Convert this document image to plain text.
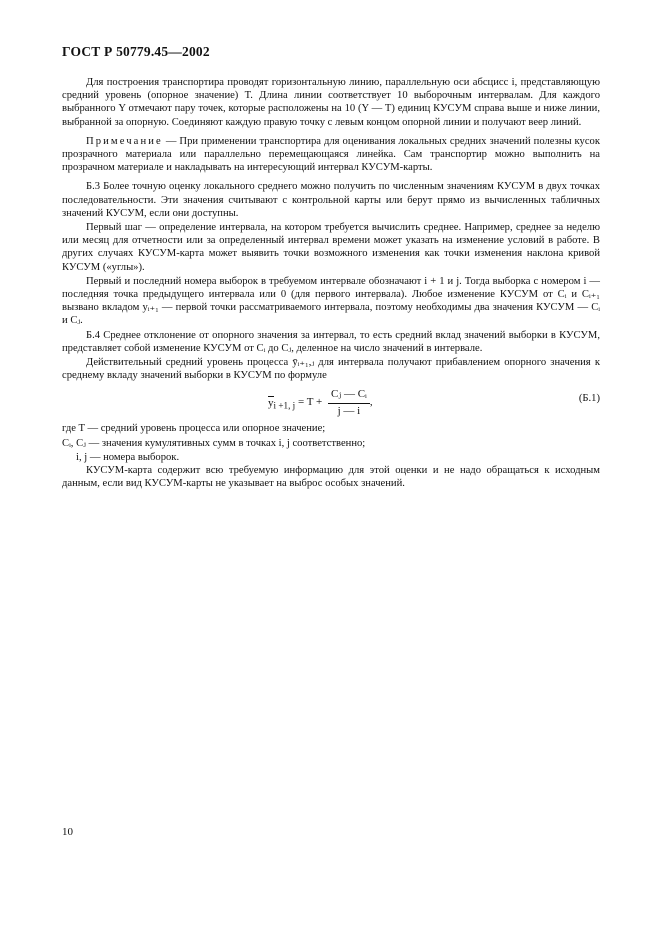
ГОСТ Р 50779.45—2002

Для построения транспортира проводят горизонтальную линию, параллельную оси абсцисс i, представляющую средний уровень (опорное значение) T. Длина линии соответствует 10 выборочным интервалам. Для каждого выбранного Y отмечают пару точек, которые расположены на 10 (Y — T) единиц КУСУМ справа выше и ниже линии, выбранной за опорную. Соединяют каждую правую точку с левым концом опорной линии и получают веер линий.

Примечание — При применении транспортира для оценивания локальных средних значений полезны кусок прозрачного материала или параллельно перемещающаяся линейка. Сам транспортир можно выполнить на прозрачном материале и накладывать на интересующий интервал КУСУМ-карты.

Б.3 Более точную оценку локального среднего можно получить по численным значениям КУСУМ в двух точках последовательности. Эти значения считывают с контрольной карты или берут прямо из вычисленных табличных значений КУСУМ, если они доступны.

Первый шаг — определение интервала, на котором требуется вычислить среднее. Например, среднее за неделю или месяц для отчетности или за определенный интервал времени может указать на изменение условий в работе. В других случаях КУСУМ-карта может выявить точки возможного изменения как точки изменения наклона кривой КУСУМ («углы»).

Первый и последний номера выборок в требуемом интервале обозначают i + 1 и j. Тогда выборка с номером i — последняя точка предыдущего интервала или 0 (для первого интервала). Любое изменение КУСУМ от Cᵢ и Cᵢ₊₁ вызвано вкладом yᵢ₊₁ — первой точки рассматриваемого интервала, поэтому необходимы два значения КУСУМ — Cᵢ и Cⱼ.

Б.4 Среднее отклонение от опорного значения за интервал, то есть средний вклад значений выборки в КУСУМ, представляет собой изменение КУСУМ от Cᵢ до Cⱼ, деленное на число значений в интервале.

Действительный средний уровень процесса ȳᵢ₊₁,ⱼ для интервала получают прибавлением опорного значения к среднему вкладу значений выборки в КУСУМ по формуле

$y_{i +1, j} = T + \frac{\text{Cⱼ — Cᵢ}}{j — i}$ ,	(Б.1)

где T — средний уровень процесса или опорное значение;

Cᵢ, Cⱼ — значения кумулятивных сумм в точках i, j соответственно;

i, j — номера выборок.

КУСУМ-карта содержит всю требуемую информацию для этой оценки и не надо обращаться к исходным данным, если вид КУСУМ-карты не указывает на выброс особых значений.

10
